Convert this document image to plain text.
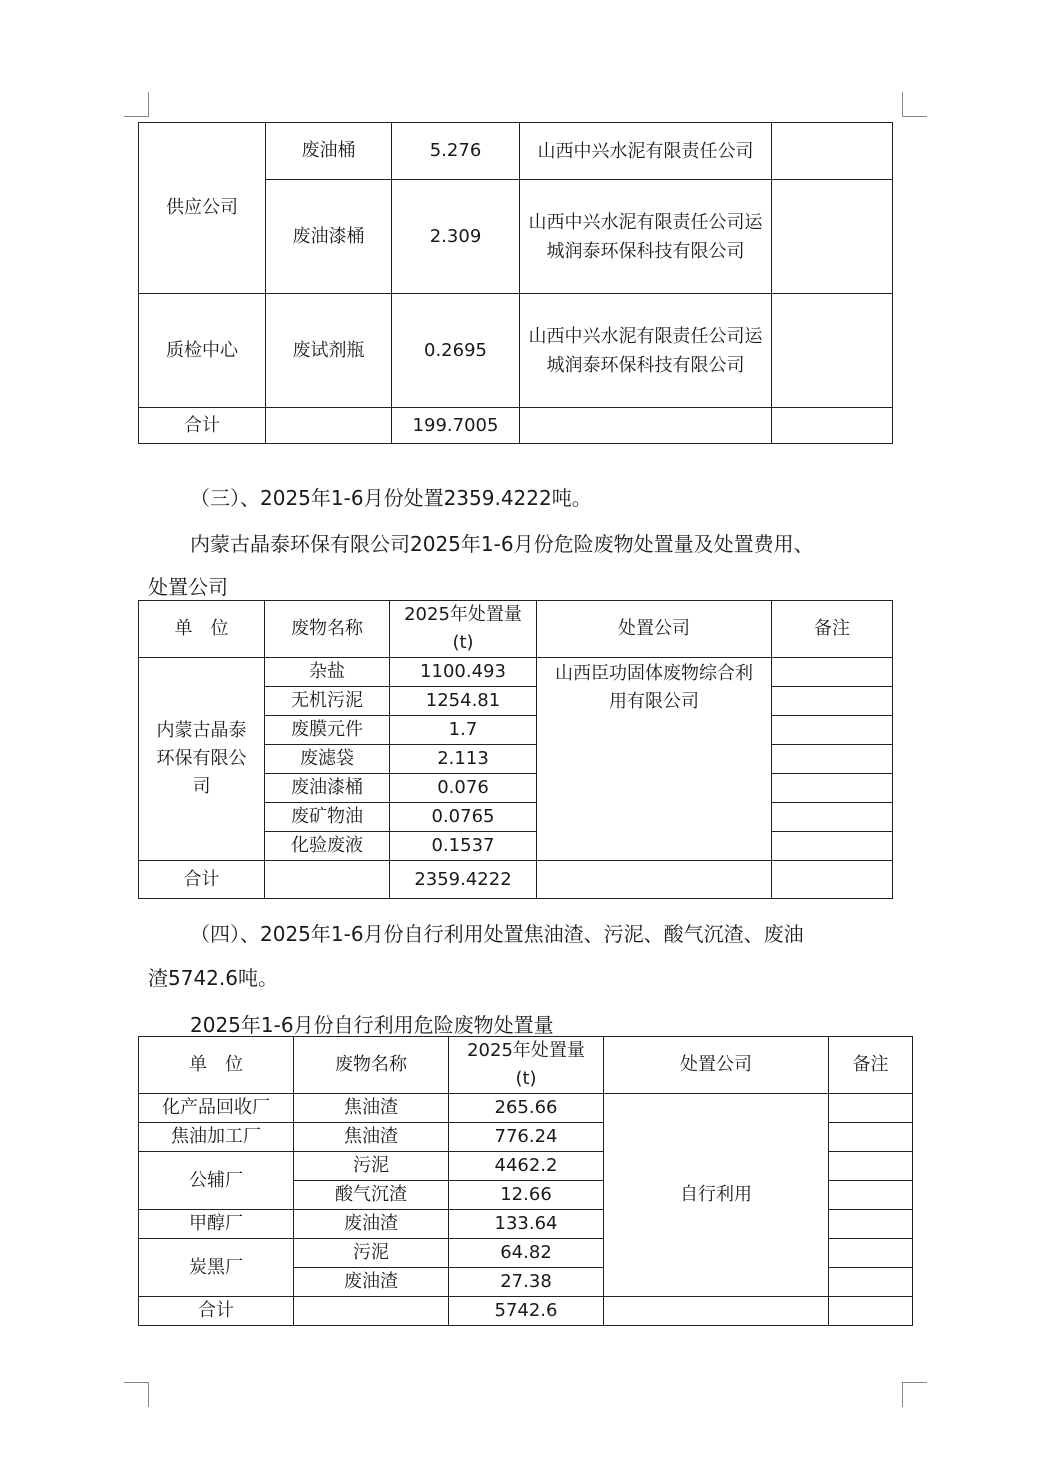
供应公司	废油桶	5.276	山西中兴水泥有限责任公司	
	废油漆桶	2.309	山西中兴水泥有限责任公司运城润泰环保科技有限公司	
质检中心	废试剂瓶	0.2695	山西中兴水泥有限责任公司运城润泰环保科技有限公司	
合计		199.7005		
（三）、2025年1-6月份处置2359.4222吨。
内蒙古晶泰环保有限公司2025年1-6月份危险废物处置量及处置费用、
处置公司
单　位	废物名称	2025年处置量(t)	处置公司	备注
内蒙古晶泰环保有限公司	杂盐	1100.493	山西臣功固体废物综合利用有限公司	
	无机污泥	1254.81		
	废膜元件	1.7		
	废滤袋	2.113		
	废油漆桶	0.076		
	废矿物油	0.0765		
	化验废液	0.1537		
合计		2359.4222		
（四）、2025年1-6月份自行利用处置焦油渣、污泥、酸气沉渣、废油
渣5742.6吨。
2025年1-6月份自行利用危险废物处置量
单　位	废物名称	2025年处置量(t)	处置公司	备注
化产品回收厂	焦油渣	265.66	自行利用	
焦油加工厂	焦油渣	776.24		
公辅厂	污泥	4462.2		
	酸气沉渣	12.66		
甲醇厂	废油渣	133.64		
炭黑厂	污泥	64.82		
	废油渣	27.38		
合计		5742.6		
